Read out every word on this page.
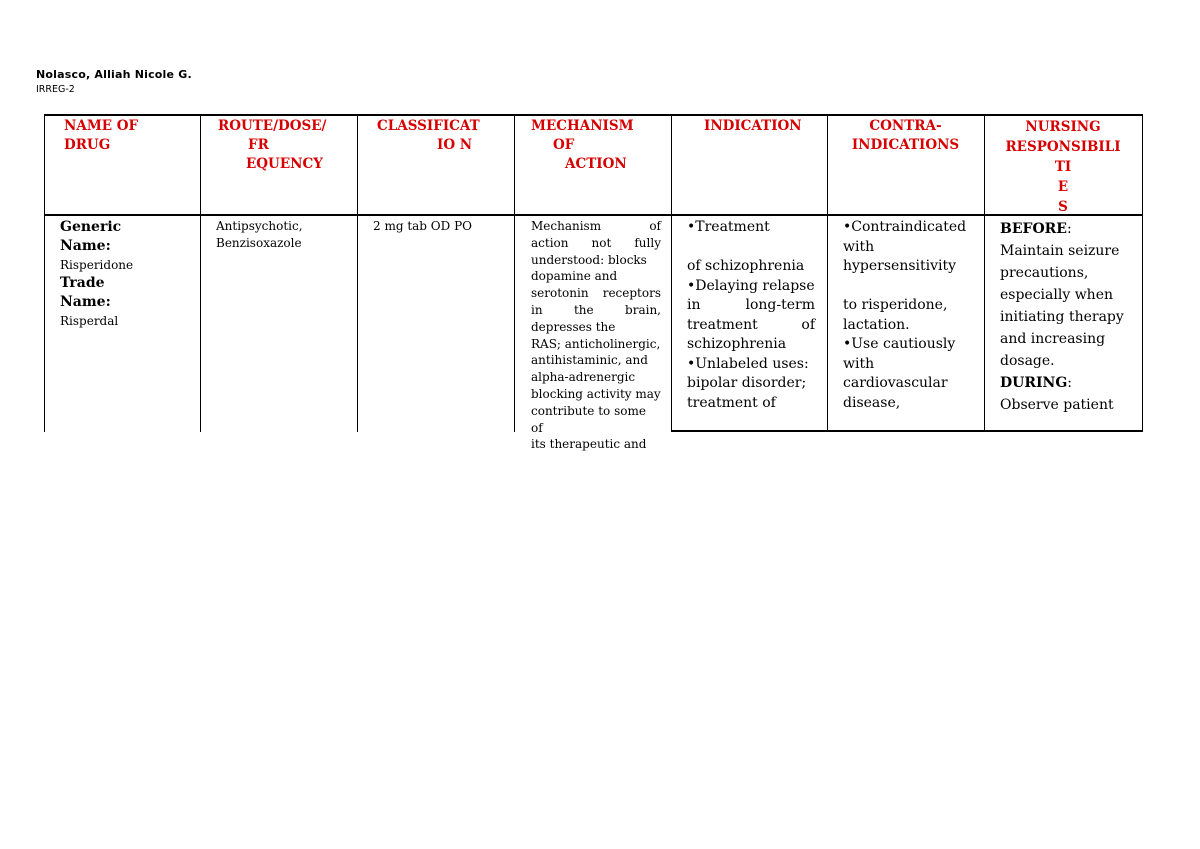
Nolasco, Alliah Nicole G.
IRREG-2
NAME OF
DRUG
ROUTE/DOSE/
FR
EQUENCY
CLASSIFICAT
IO N
MECHANISM
OF
ACTION
INDICATION	CONTRA-
INDICATIONS
NURSING
RESPONSIBILI
TI
E
S
Generic Name:
Risperidone
Trade Name:
Risperdal
Antipsychotic,
Benzisoxazole
2 mg tab OD PO	Mechanism of
action not fully
understood: blocks
dopamine and
serotonin receptors
in the brain,
depresses the
RAS; anticholinergic,
antihistaminic, and
alpha-adrenergic
blocking activity may
contribute to some of
its therapeutic and
•Treatment
of schizophrenia
•Delaying relapse
in long-term
treatment of
schizophrenia
•Unlabeled uses:
bipolar disorder;
treatment of
•Contraindicated
with
hypersensitivity
to risperidone,
lactation.
•Use cautiously
with
cardiovascular
disease,
BEFORE:
Maintain seizure
precautions,
especially when
initiating therapy
and increasing
dosage.
DURING:
Observe patient
